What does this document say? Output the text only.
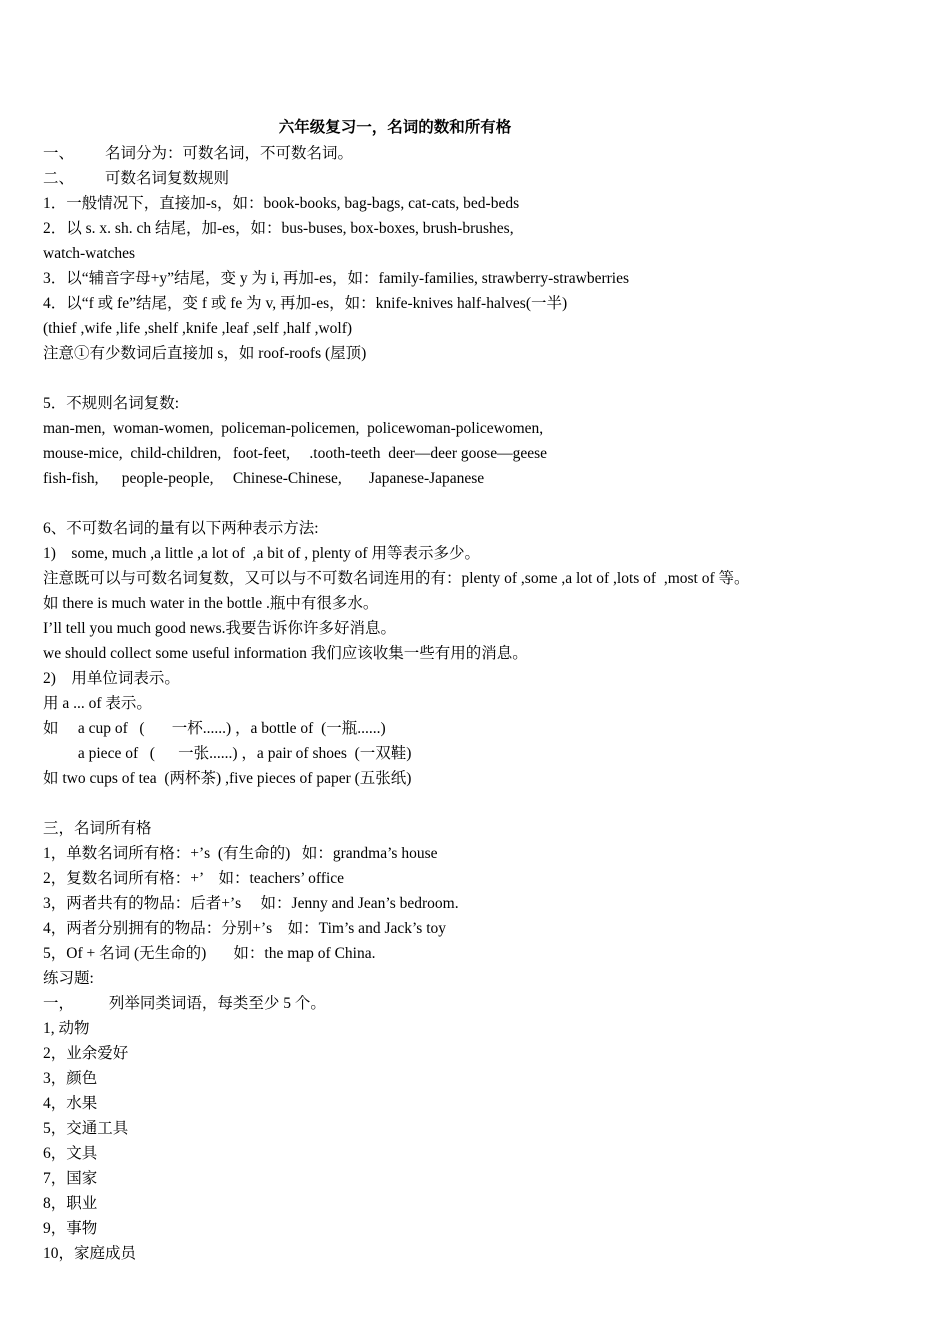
六年级复习一，名词的数和所有格
一、        名词分为：可数名词，不可数名词。
二、        可数名词复数规则
1．一般情况下，直接加-s，如：book-books, bag-bags, cat-cats, bed-beds
2．以 s. x. sh. ch 结尾，加-es，如：bus-buses, box-boxes, brush-brushes,
watch-watches
3．以“辅音字母+y”结尾，变 y 为 i, 再加-es，如：family-families, strawberry-strawberries
4．以“f 或 fe”结尾，变 f 或 fe 为 v, 再加-es，如：knife-knives half-halves(一半)
(thief ,wife ,life ,shelf ,knife ,leaf ,self ,half ,wolf)
注意①有少数词后直接加 s，如 roof-roofs (屋顶)
5．不规则名词复数:
man-men,  woman-women,  policeman-policemen,  policewoman-policewomen,
mouse-mice,  child-children,   foot-feet,     .tooth-teeth  deer—deer goose—geese
fish-fish,      people-people,     Chinese-Chinese,       Japanese-Japanese
6、不可数名词的量有以下两种表示方法:
1)    some, much ,a little ,a lot of  ,a bit of , plenty of 用等表示多少。
注意既可以与可数名词复数，又可以与不可数名词连用的有：plenty of ,some ,a lot of ,lots of  ,most of 等。
如 there is much water in the bottle .瓶中有很多水。
I’ll tell you much good news.我要告诉你许多好消息。
we should collect some useful information 我们应该收集一些有用的消息。
2)    用单位词表示。
用 a ... of 表示。
如     a cup of   (       一杯......) ，a bottle of  (一瓶......)
a piece of   (      一张......) ，a pair of shoes  (一双鞋)
如 two cups of tea  (两杯茶) ,five pieces of paper (五张纸)
三，名词所有格
1，单数名词所有格：+’s  (有生命的)   如：grandma’s house
2，复数名词所有格：+’    如：teachers’ office
3，两者共有的物品：后者+’s     如：Jenny and Jean’s bedroom.
4，两者分别拥有的物品：分别+’s    如：Tim’s and Jack’s toy
5，Of + 名词 (无生命的)       如：the map of China.
练习题:
一，         列举同类词语，每类至少 5 个。
1, 动物
2，业余爱好
3，颜色
4，水果
5，交通工具
6，文具
7，国家
8，职业
9，事物
10，家庭成员
